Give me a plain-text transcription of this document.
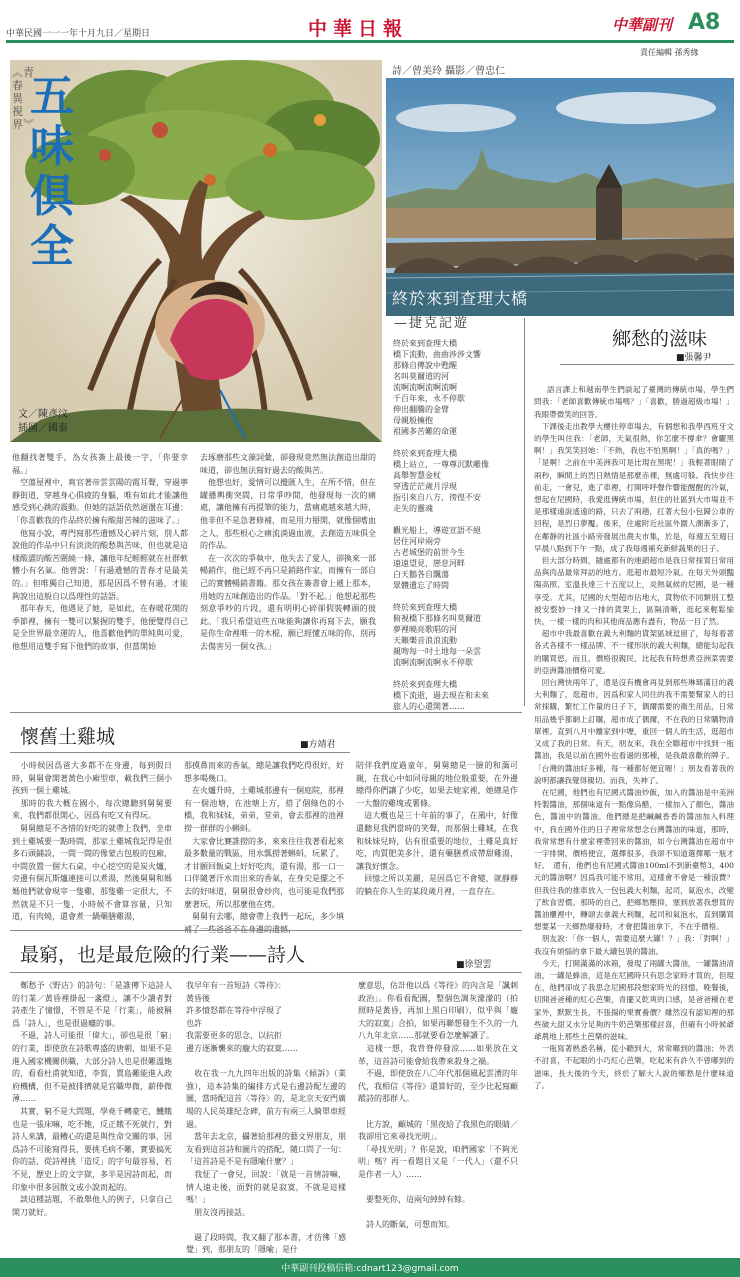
中華民國一一一年十月九日／星期日	中華日報	中華副刊 A8
責任編輯 孫秀緣
︽青春異視界︾
五味俱全
文／陳彥汶
插圖／國泰
他翻找著雙手，為女孩簽上最後一字，「你要幸福。」
　空蕩屋裡中，爽官著帝雲雲陽的霞耳聲，穿過寧靜街道，穿越身心俱疲的身軀，唯有如此才能讓他感受到心跳的震動。但她的話語依然迴盪在耳邊：「你喜歡我的作品終於擁有酸甜苦辣的滋味了。」
　他寫小說，專門寫那些遺憾及心碎片刻，別人都說他的作品中只有淡淡的酸愁與苦味，但也就是這樣酸澀的酸苦圍繞一條，讓他年紀輕輕就在社群軟體小有名氣。他曾說：「有過遺憾的青春才是最美的。」但唯獨自己知道，那是因爲不曾有過，才能夠說出這般自以爲理性的話語。
　那年春天，他遇見了她，是如此，在春暖花開的季節裡，擁有一雙可以緊握的雙手，他便覺得自己是全世界最幸運的人，他喜歡他們的單純與可愛，他想用這雙手寫下他們的故事，但當開始
去琢磨那些文藻詞彙，卻發現竟然無法創造出甜的味道，卻也無法寫好過去的酸與苦。
　他想也好，愛情可以攪匯人生，在所不惜，但在罐播輿衝突間，日常爭吵間，他發現每一次的痛處，讓他擁有再提筆的能力，當痛處越來越大時，他非但不是急著修補，而是用力掰開，就像個嗜血之人，那些根心之痛流淌過血液，去創造五味俱全的作品。
　在一次次的爭執中，他失去了愛人，卻換來一部暢銷作，他已經不再只是銷路作家，而擁有一部自己的實體暢銷書籍。那女孩在簽書會上遞上那本，用她的五味創造出的作品。「對不起。」他想起那些刻意爭吵的片段，還有明明心碎卻假裝轉頭的彼此。「我只希望這些五味能夠讓你再寫下去，願我是你生命裡唯一的木棍，願已經懂五味的你，別再去傷害另一個女孩。」
詩／曾美玲 攝影／曾忠仁
終於來到查理大橋
—捷克記遊

終於來到查理大橋

橋下流動，曲曲涉涉文響

那條自傳說中甦醒

名叫莫爾道的河

流啊流啊流啊流啊

千百年來，永不停歇

伸出翻騰的金臂

母親般擁抱

祖國多苦難的命運

終於來到查理大橋

橋上站立，一尊尊沉默雕像

高舉智慧金杖

穿透茫茫歲月浮現

指引來自八方，徬徨不安

走失的靈魂

觀光船上，導遊宣語不絕

居住河岸兩旁

古老城堡的前世今生

遠遠望見，戀息河畔

白天鵝各自飄蕩

眾體遺忘了時間

終於來到查理大橋

俯視橋下那條名叫莫爾道

夢裡曉亮歌唱的河

天籟樂音浪浪流動

親吻每一吋土地每一朵雲

流啊流啊流啊永不停歇

終於來到查理大橋

橋下流逝，過去現在和未來

旅人的心還開著……

鄉愁的滋味
■張馨尹

　語言課上和越南學生們談起了臺灣的傳統市場，學生們問我：「老師喜歡傳統市場嗎？」「喜歡，勝過超級市場！」我眼帶微笑的回答。
　下課後走出教學大樓往停車場去，有個想和我學西班牙文的學生叫住我：「老師，天氣很熱，你怎麼不撐傘？會曬黑啊！」我笑笑回她：「不熱，我也不怕黑啊！」「真的嗎？」「是啊！之前在中美洲我可是比現在黑呢！」我輕著眼睛了兩秒，瞬間上的烈日熱情是那麼赤裸，無處可躲。我快步往前走，一會兒，進了車裡，打開呼呼聲作響能醒醒的冷氣，想起在尼國時，我愛逛傳統市場，但住的社區到大市場並不是那樣遠說遙遠的路，只去了兩趟，扛著大包小包歸公車的回程，是烈日夢魘。後來，住處附近社區外圍人潮漸多了，在鄰靜的社區小路旁發展出農夫市集，於是，每週五至週日早晨八點到下午一點，成了我每週補充新鮮蔬果的日子。
　但大部分時間，隨處都有的連鎖超市是我日常採買日常用品與肉品最常拜訪的地方。逛超市最短冷氣。在每天外頭豔陽高照、室溫長達三十五度以上，炎熱氣候的尼國，是一種享受。尤其，尼國的大型超市佔地大，貨物依不同類別工整被安整妙一排又一排的貨架上，區隔清晰，逛起來輕鬆愉快，一樣一樣的肉和其他商品應有盡有，物品一目了然。
　超市中我最喜歡在義大利麵的貨架區域逗留了，每每看著各式各樣不一樣品牌、不一樣形狀的義大利麵，總能勾起我的購買慾，而且，價格很親民，比起我有時想煮亞洲菜需要的亞洲醬油價格可愛。
　回台灣快兩年了，還是沒有機會再見到那些琳瑯滿目的義大利麵了，逛超市，因爲和家人同住的我不需要幫家人的日常採購，繁忙工作量的日子下，偶爾需要的衛生用品，日常用品幾乎都網上訂購，超市成了偶爾，不在我的日常購物清單裡。直到八月中離家到中壢，重回一個人的生活，逛超市又成了我的日常。有天，朋友來，我在全聯超市中找到一瓶醬油，我是以前在國外也看過的那種，是我最喜歡的牌子。「台灣的醬油好多種，每一種都好便宜喔！」朋友看著我的說明都讓我覺得親切。而我，失神了。
　在尼國，他們也有尼國式醬油炒飯，加入的醬油是中美洲特製醬油，那個味道有一點像烏醋，一樣加入了顏色，醬油色，醬油中的醬油。他們總是把鹹鹹香香的醬油加入料理中，我在國外住的日子裡常常想念台灣醬油的味道，那時，我常常想有什麼家裡帶回來的醬油，如今台灣醬油在超市中一字排開，價格便宜，選擇很多，我卻不知道選擇哪一瓶才好。　還有，他們也有尼國式醬油100ml不到新臺幣3，400元的醬油啊？因爲我可能不常用，這樣會不會是一種浪費？但我往我的推車放入一包包義大利麵，起司，氣泡水，改變了飲食習慣。那時的自己，把鄉愁壓抑，塞到放著我想買的醬油櫃裡中，轉頭去拿義大利麵，起司和氣泡水，直到購買想要某一天鄉愁爆發時，才會把醬油拿下，不在乎價格。
　朋友說：「你一個人，需要這麼大罐！？」我：「對啊！」我沒有煩惱的拿下最大罐包裝的醬油。
　今天，打開滿滿的冰箱，發現了兩罐大醬油，一罐醬油清油，一罐是蜂油，這是在尼國時只有思念家時才買的，但現在，他們卻成了我思念尼國那段想家時光的回憶，晚餐後，切開爸爸種的紅心芭樂，青擺又乾爽的口感，是爸爸種在老家外，默默生長，不張揚的果實養價？雖然沒有認知裡的那些破大甜又水分足夠的牛奶芭樂那樣討喜，但確有小時候爺爺農地上那些土芭樂的滋味。
　一瓶寫著熟悉名稱，從小聽到大，常常嘟到的醬油；外表不討喜，不起眼的小巧紅心芭樂，吃起來有許久不曾嘟到的滋味，長大後的今天，終於了解大人說的鄉愁是什麼味道了。

懷舊土雞城	■方靖君
　小時候因爲爸大多都不在身邊，每到假日時，舅舅會開著黃色小廂型車，載我們三個小孩到一個土雞城。
　那時的我大概在國小，每次總聽到舅舅要來，我們都很開心，因爲有吃又有得玩。
　舅舅總是不吝惜的好吃的就帶上我們，坐車到土雞城要一點時間，那家土雞城我記得是很多石頭鋪設，一間一間的像蒙古包般的包廂，中間放置一個大石桌，中心挖空的是炭火爐，旁邊有個瓦斯爐連接可以煮湯，然後舅舅和媽媽他們就會現宰一隻雞，那隻雞一定很大，不然就是不只一隻，小時候不會算容量，只知道，有肉燒，還會煮一鍋藥膳雞湯，
那摸鼻而來的香氣，總是讓我們吃得很好，好想多喝幾口。
　在火爐升時，土雞城那邊有一個庭院，那裡有一個池塘，在池塘上方，搭了個綠色的小橋，我和妹妹，弟弟，堂弟，會去那裡的池裡撈一群群的小蝌蚪。
　大家會比賽誰撈的多，來來往往我著看起來最多數量的戰區，用水瓢撈著蝌蚪，玩累了，才甘願回飯桌上好好吃肉，還有湯，那一口一口伴隨著汗水而出來的香氣，在身尖是擺之不去的好味道，舅舅很會炒肉，也可能是我們那麼著玩，所以那麼他在烤。
　舅舅有去哪，總會帶上我們一起玩，多少填
陪伴我們度過童年，舅舅總是一臉的和藹可親，在我心中如同母親的地位般重要，在外邊總得你們讓了少吃，如果去她家裡，她總是作一大盤的雞塊或薯條。
　這大概也是三十年前的事了，在風中，好像還聽見我們當時的笑聲，而那個土雞城，在我和妹妹兒時，佔有很重要的地位，土雞是真好吃，肉質肥美多汁，還有藥膳煮成帶甜雞湯，讓我好懷念。
　回憶之所以美麗，是因爲它不會變，就靜靜的躺在你人生的某段歲月裡，一直存在。
最窮，也是最危險的行業——詩人	■徐望雲
　鄭愁予《野店》的詩句：「是誰傳下這詩人的行業／黃昏裡掛起一盞燈」，讓不少讀者對詩產生了憧憬，不管是不是「行業」，能被稱爲「詩人」，也是很過癮的事。
　不過，詩人可能很「偉大」，卻也是很「窮」的行業，即使放在詩歌專盛的唐朝，如果不是進入國家機關供職，大部分詩人也是很難溫飽的，看看杜甫就知道，李賀，賈島難能進入政府機構，但不是被排擠就是官職卑微，薪俸微薄……
　其實，窮不是大問題，學堯千轉豪宅，饑餓也是一張床嘛，吃不飽，反正餓不死就行，對詩人來講，最糟心的還是與性命交關的事，因爲詩不可能寫得長，要挑毛病不難，實要搞死你的話，從詩裡挑「造反」的字句最容易，若不見，歷史上的文字獄，多半是因詩而起，而印象中很多因散文或小說而起的。
　談這種話題，不敢舉他人的例子，只拿自己開刀就好。
我早年有一首短詩《等待》：
黃昏後
許多憤怒都在等待中浮現了
也許
我需要更多的思念，以抗拒
邊方逐漸襲來的龐大的寂寞……

　收在我一九九四年出版的詩集《傾訴》（業強），這本詩集的編排方式是右邊詩配左邊的圖，當時配這首〈等待〉的，是北京天安門廣場的人民英雄紀念碑，前方有兩三人騎單車經過。
　當年去北京，攝著給那裡的藝文界朋友，朋友看到這首詩和圖片的搭配，隨口問了一句：「這首詩是不是有隱喻什麼？」
　我怔了一會兒，回說：「就是一首情詩嘛，情人遠走後，面對的就是寂寞，不就是這樣嗎！」
　朋友沒再接話。

　過了段時間，我又翻了那本書，才彷彿「感覺」到，那朋友的「隱喻」是什
麼意思，估計他以爲《等待》的內含是「諷刺政治」。你看看配圖，整個色調灰濛濛的（拍照時是黃昏，再加上黑白印刷），似乎與「龐大的寂寞」合拍，如果再聯想發生不久的一九八九年北京……那就要看怎麼解讀了。
　這樣一想，我背脊停發涼……如果放在文革，這首詩可能會給我帶來殺身之禍。
　不過，即使放在八〇年代那個風起雲湧的年代，我相信《等待》還算好的，至少比起寫顧蹤詩的那群人。

　比方說，顧城的「黑夜給了我黑色的眼睛／我卻用它來尋找光明」。
　「尋找光明」？你是說，咱們國家「不夠光明」嗎？再一看題目又是「一代人」（還不只是作者一人）……

　要整死你，這兩句綽綽有餘。

　詩人的斷氣，可想而知。
中華副刊投稿信箱:cdnart123@gmail.com
